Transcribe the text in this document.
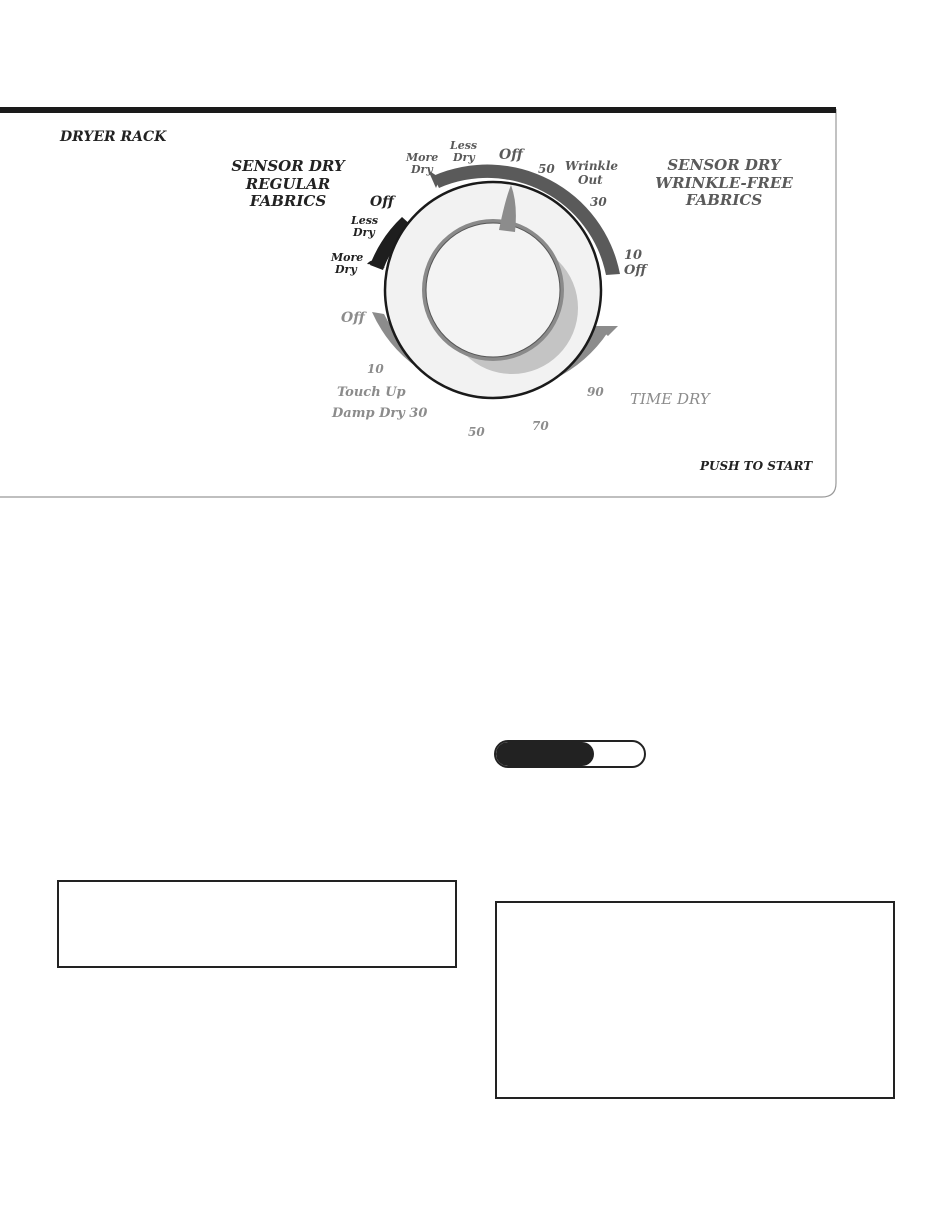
DRYER RACK
SENSOR DRY
REGULAR
FABRICS
SENSOR DRY
WRINKLE-FREE
FABRICS
Off
Less
Dry
More
Dry
More
Dry
Less
Dry Off
50 Wrinkle
Out
30
10
Off
Off
10
Touch Up
Damp Dry 30
50	70
90 TIME DRY
PUSH TO START
